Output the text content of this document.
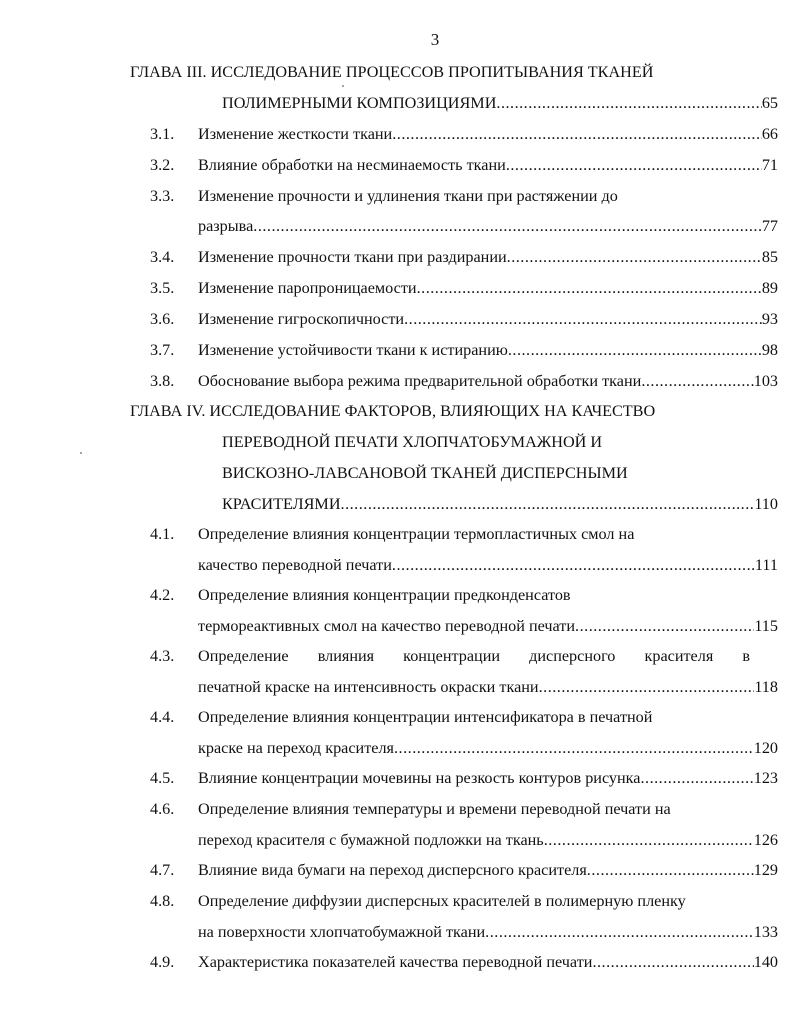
3
ГЛАВА III. ИССЛЕДОВАНИЕ ПРОЦЕССОВ ПРОПИТЫВАНИЯ ТКАНЕЙ
ПОЛИМЕРНЫМИ КОМПОЗИЦИЯМИ .....	65
3.1.	Изменение жесткости ткани .....	66
3.2.	Влияние обработки на несминаемость ткани .....	71
3.3.	Изменение прочности и удлинения ткани при растяжении до
разрыва .....	77
3.4.	Изменение прочности ткани при раздирании .....	85
3.5.	Изменение паропроницаемости .....	89
3.6.	Изменение гигроскопичности .....	93
3.7.	Изменение устойчивости ткани к истиранию .....	98
3.8.	Обоснование выбора режима предварительной обработки ткани .....	103
ГЛАВА IV. ИССЛЕДОВАНИЕ ФАКТОРОВ, ВЛИЯЮЩИХ НА КАЧЕСТВО
ПЕРЕВОДНОЙ ПЕЧАТИ ХЛОПЧАТОБУМАЖНОЙ И
ВИСКОЗНО-ЛАВСАНОВОЙ ТКАНЕЙ ДИСПЕРСНЫМИ
КРАСИТЕЛЯМИ .....	110
4.1.	Определение влияния концентрации термопластичных смол на
качество переводной печати .....	111
4.2.	Определение влияния концентрации предконденсатов
термореактивных смол на качество переводной печати .....	115
4.3.	Определение влияния концентрации дисперсного красителя в
печатной краске на интенсивность окраски ткани .....	118
4.4.	Определение влияния концентрации интенсификатора в печатной
краске на переход красителя .....	120
4.5.	Влияние концентрации мочевины на резкость контуров рисунка .....	123
4.6.	Определение влияния температуры и времени переводной печати на
переход красителя с бумажной подложки на ткань .....	126
4.7.	Влияние вида бумаги на переход дисперсного красителя .....	129
4.8.	Определение диффузии дисперсных красителей в полимерную пленку
на поверхности хлопчатобумажной ткани .....	133
4.9.	Характеристика показателей качества переводной печати .....	140
